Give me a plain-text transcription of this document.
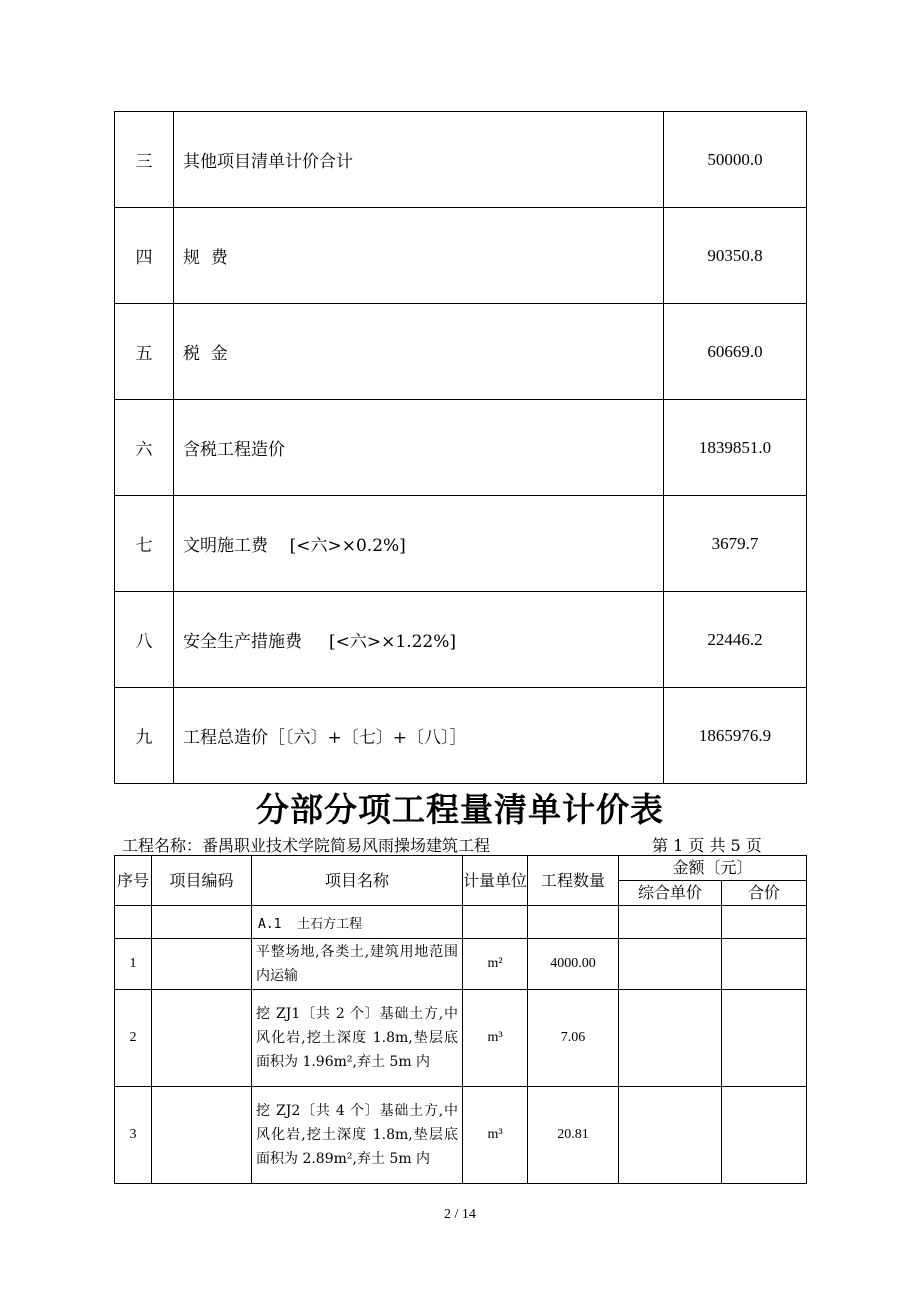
三	其他项目清单计价合计	50000.0
四	规  费	90350.8
五	税  金	60669.0
六	含税工程造价	1839851.0
七	文明施工费    [<六>×0.2%]	3679.7
八	安全生产措施费     [<六>×1.22%]	22446.2
九	工程总造价［〔六〕+〔七〕+〔八〕］	1865976.9
分部分项工程量清单计价表
工程名称：番禺职业技术学院简易风雨操场建筑工程	第 1 页 共 5 页
序号	项目编码	项目名称	计量单位	工程数量	金额〔元〕	
					综合单价	合价
		A.1  土石方工程				
1		平整场地,各类土,建筑用地范围内运输	m²	4000.00		
2		挖 ZJ1〔共 2 个〕基础土方,中风化岩,挖土深度 1.8m,垫层底面积为 1.96m²,弃土 5m 内	m³	7.06		
3		挖 ZJ2〔共 4 个〕基础土方,中风化岩,挖土深度 1.8m,垫层底面积为 2.89m²,弃土 5m 内	m³	20.81		
2 / 14
